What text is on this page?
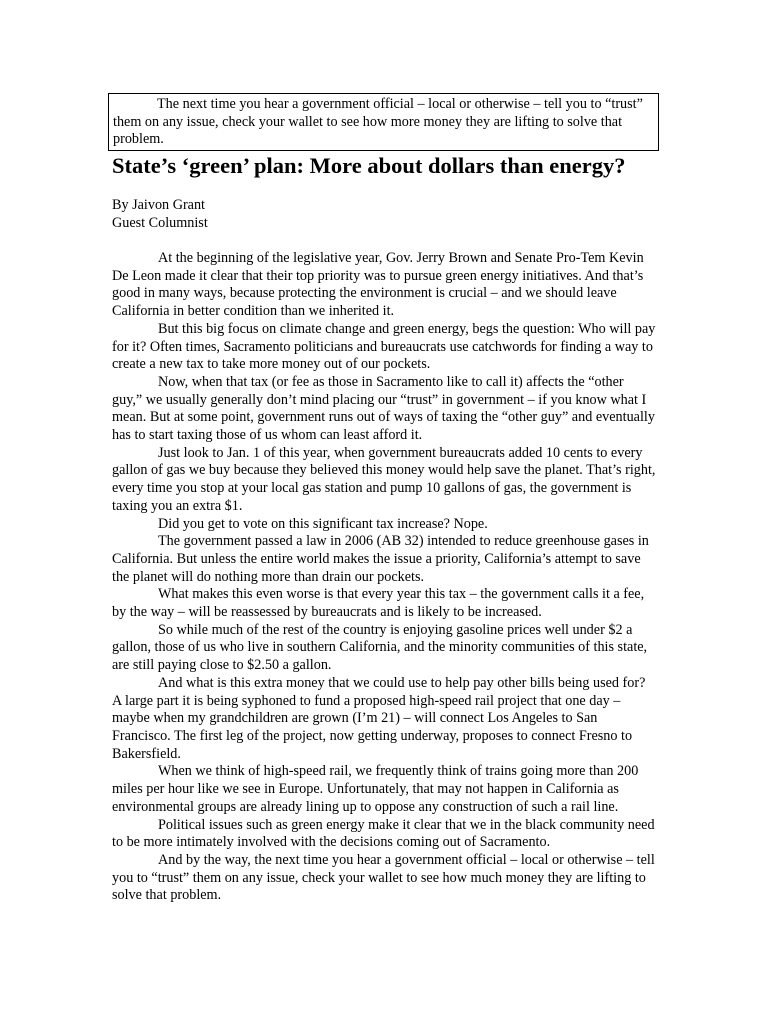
The next time you hear a government official – local or otherwise – tell you to “trust” them on any issue, check your wallet to see how more money they are lifting to solve that problem.
State’s ‘green’ plan: More about dollars than energy?
By Jaivon Grant
Guest Columnist

At the beginning of the legislative year, Gov. Jerry Brown and Senate Pro-Tem Kevin De Leon made it clear that their top priority was to pursue green energy initiatives. And that’s good in many ways, because protecting the environment is crucial – and we should leave California in better condition than we inherited it.

But this big focus on climate change and green energy, begs the question: Who will pay for it? Often times, Sacramento politicians and bureaucrats use catchwords for finding a way to create a new tax to take more money out of our pockets.

Now, when that tax (or fee as those in Sacramento like to call it) affects the “other guy,” we usually generally don’t mind placing our “trust” in government – if you know what I mean. But at some point, government runs out of ways of taxing the “other guy” and eventually has to start taxing those of us whom can least afford it.

Just look to Jan. 1 of this year, when government bureaucrats added 10 cents to every gallon of gas we buy because they believed this money would help save the planet. That’s right, every time you stop at your local gas station and pump 10 gallons of gas, the government is taxing you an extra $1.

Did you get to vote on this significant tax increase? Nope.

The government passed a law in 2006 (AB 32) intended to reduce greenhouse gases in California. But unless the entire world makes the issue a priority, California’s attempt to save the planet will do nothing more than drain our pockets.

What makes this even worse is that every year this tax – the government calls it a fee, by the way – will be reassessed by bureaucrats and is likely to be increased.

So while much of the rest of the country is enjoying gasoline prices well under $2 a gallon, those of us who live in southern California, and the minority communities of this state, are still paying close to $2.50 a gallon.

And what is this extra money that we could use to help pay other bills being used for? A large part it is being syphoned to fund a proposed high-speed rail project that one day – maybe when my grandchildren are grown (I’m 21) – will connect Los Angeles to San Francisco. The first leg of the project, now getting underway, proposes to connect Fresno to Bakersfield.

When we think of high-speed rail, we frequently think of trains going more than 200 miles per hour like we see in Europe. Unfortunately, that may not happen in California as environmental groups are already lining up to oppose any construction of such a rail line.

Political issues such as green energy make it clear that we in the black community need to be more intimately involved with the decisions coming out of Sacramento.

And by the way, the next time you hear a government official – local or otherwise – tell you to “trust” them on any issue, check your wallet to see how much money they are lifting to solve that problem.
